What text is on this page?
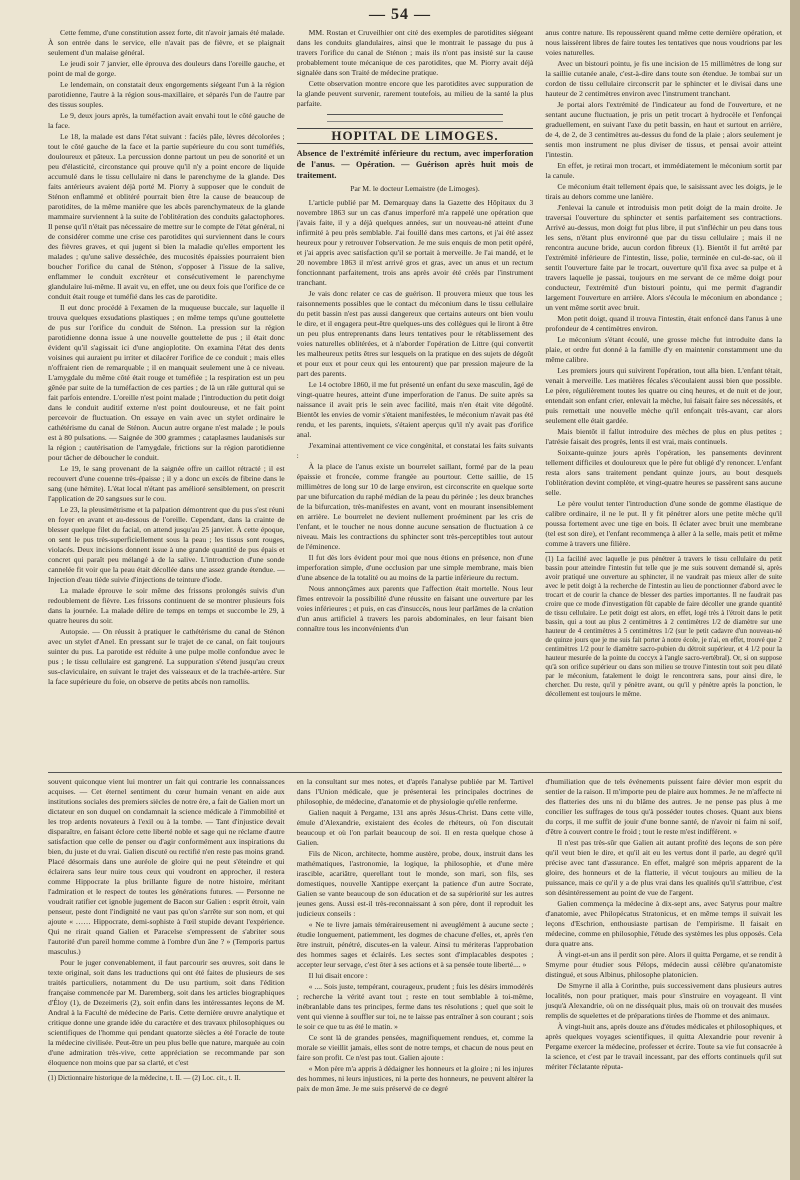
— 54 —

Cette femme, d'une constitution assez forte, dit n'avoir jamais été malade. À son entrée dans le service, elle n'avait pas de fièvre, et se plaignait seulement d'un malaise général.

Le jeudi soir 7 janvier, elle éprouva des douleurs dans l'oreille gauche, et point de mal de gorge.

Le lendemain, on constatait deux engorgements siégeant l'un à la région parotidienne, l'autre à la région sous-maxillaire, et séparés l'un de l'autre par des tissus souples.

Le 9, deux jours après, la tuméfaction avait envahi tout le côté gauche de la face.

Le 18, la malade est dans l'état suivant : faciès pâle, lèvres décolorées ; tout le côté gauche de la face et la partie supérieure du cou sont tuméfiés, douloureux et pâteux. La percussion donne partout un peu de sonorité et un peu d'élasticité, circonstance qui prouve qu'il n'y a point encore de liquide accumulé dans le tissu cellulaire ni dans le parenchyme de la glande. Des faits antérieurs avaient déjà porté M. Piorry à supposer que le conduit de Sténon enflammé et oblitéré pourrait bien être la cause de beaucoup de parotidites, de la même manière que les abcès parenchymateux de la glande mammaire surviennent à la suite de l'oblitération des conduits galactophores. Il pense qu'il n'était pas nécessaire de mettre sur le compte de l'état général, ni de considérer comme une crise ces parotidites qui surviennent dans le cours des fièvres graves, et qui jugent si bien la maladie qu'elles emportent les malades ; qu'une salive desséchée, des mucosités épaissies pourraient bien boucher l'orifice du canal de Sténon, s'opposer à l'issue de la salive, enflammer le conduit excréteur et consécutivement le parenchyme glandulaire lui-même. Il avait vu, en effet, une ou deux fois que l'orifice de ce conduit était rouge et tuméfié dans les cas de parotidite.

Il eut donc procédé à l'examen de la muqueuse buccale, sur laquelle il trouva quelques exsudations plastiques ; en même temps qu'une gouttelette de pus sur l'orifice du conduit de Sténon. La pression sur la région parotidienne donna issue à une nouvelle gouttelette de pus ; il était donc évident qu'il s'agissait ici d'une angioplotite. On examina l'état des dents voisines qui auraient pu irriter et dilacérer l'orifice de ce conduit ; mais elles n'offraient rien de remarquable ; il en manquait seulement une à ce niveau. L'amygdale du même côté était rouge et tuméfiée ; la respiration est un peu gênée par suite de la tuméfaction de ces parties ; de là un râle guttural qui se fait parfois entendre. L'oreille n'est point malade ; l'introduction du petit doigt dans le conduit auditif externe n'est point douloureuse, et ne fait point percevoir de fluctuation. On essaye en vain avec un stylet ordinaire le cathétérisme du canal de Sténon. Aucun autre organe n'est malade ; le pouls est à 80 pulsations. — Saignée de 300 grammes ; cataplasmes laudanisés sur la région ; cautérisation de l'amygdale, frictions sur la région parotidienne pour tâcher de déboucher le conduit.

Le 19, le sang provenant de la saignée offre un caillot rétracté ; il est recouvert d'une couenne très-épaisse ; il y a donc un excès de fibrine dans le sang (une hémite). L'état local n'étant pas amélioré sensiblement, on prescrit l'application de 20 sangsues sur le cou.

Le 23, la pleusimétrisme et la palpation démontrent que du pus s'est réuni en foyer en avant et au-dessous de l'oreille. Cependant, dans la crainte de blesser quelque filet du facial, on attend jusqu'au 25 janvier. À cette époque, on sent le pus très-superficiellement sous la peau ; les tissus sont rouges, violacés. Deux incisions donnent issue à une grande quantité de pus épais et concret qui paraît peu mélangé à de la salive. L'introduction d'une sonde cannelée fit voir que la peau était décollée dans une assez grande étendue. — Injection d'eau tiède suivie d'injections de teinture d'iode.

La malade éprouve le soir même des frissons prolongés suivis d'un redoublement de fièvre. Les frissons continuent de se montrer plusieurs fois dans la journée. La malade délire de temps en temps et succombe le 29, à quatre heures du soir.

Autopsie. — On réussit à pratiquer le cathétérisme du canal de Sténon avec un stylet d'Anel. En pressant sur le trajet de ce canal, on fait toujours suinter du pus. La parotide est réduite à une pulpe molle confondue avec le pus ; le tissu cellulaire est gangrené. La suppuration s'étend jusqu'au creux sus-claviculaire, en suivant le trajet des vaisseaux et de la trachée-artère. Sur la face supérieure du foie, on observe de petits abcès non ramollis.

MM. Rostan et Cruveilhier ont cité des exemples de parotidites siégeant dans les conduits glandulaires, ainsi que le montrait le passage du pus à travers l'orifice du canal de Sténon ; mais ils n'ont pas insisté sur la cause probablement toute mécanique de ces parotidites, que M. Piorry avait déjà signalée dans son Traité de médecine pratique.

Cette observation montre encore que les parotidites avec suppuration de la glande peuvent survenir, rarement toutefois, au milieu de la santé la plus parfaite.

HOPITAL DE LIMOGES.
Absence de l'extrémité inférieure du rectum, avec imperforation de l'anus. — Opération. — Guérison après huit mois de traitement.
Par M. le docteur Lemaistre (de Limoges).

L'article publié par M. Demarquay dans la Gazette des Hôpitaux du 3 novembre 1863 sur un cas d'anus imperforé m'a rappelé une opération que j'avais faite, il y a déjà quelques années, sur un nouveau-né atteint d'une infirmité à peu près semblable. J'ai fouillé dans mes cartons, et j'ai été assez heureux pour y retrouver l'observation. Je me suis enquis de mon petit opéré, et j'ai appris avec satisfaction qu'il se portait à merveille. Je l'ai mandé, et le 20 novembre 1863 il m'est arrivé gros et gras, avec un anus et un rectum fonctionnant parfaitement, trois ans après avoir été créés par l'instrument tranchant.

Je vais donc relater ce cas de guérison. Il prouvera mieux que tous les raisonnements possibles que le contact du méconium dans le tissu cellulaire du petit bassin n'est pas aussi dangereux que certains auteurs ont bien voulu le dire, et il engagera peut-être quelques-uns des collègues qui le liront à être un peu plus entreprenants dans leurs tentatives pour le rétablissement des voies naturelles oblitérées, et à n'aborder l'opération de Littre (qui convertit les malheureux petits êtres sur lesquels on la pratique en des sujets de dégoût et pour eux et pour ceux qui les entourent) que par pression majeure de la part des parents.

Le 14 octobre 1860, il me fut présenté un enfant du sexe masculin, âgé de vingt-quatre heures, atteint d'une imperforation de l'anus. De suite après sa naissance il avait pris le sein avec facilité, mais n'en était vite dégoûté. Bientôt les envies de vomir s'étaient manifestées, le méconium n'avait pas été rendu, et les parents, inquiets, s'étaient aperçus qu'il n'y avait pas d'orifice anal.

J'examinai attentivement ce vice congénital, et constatai les faits suivants :

À la place de l'anus existe un bourrelet saillant, formé par de la peau épaissie et froncée, comme frangée au pourtour. Cette saillie, de 15 millimètres de long sur 10 de large environ, est circonscrite en quelque sorte par une bifurcation du raphé médian de la peau du périnée ; les deux branches de la bifurcation, très-manifestes en avant, vont en mourant insensiblement en arrière. Le bourrelet ne devient nullement proéminent par les cris de l'enfant, et le toucher ne nous donne aucune sensation de fluctuation à ce niveau. Mais les contractions du sphincter sont très-perceptibles tout autour de l'éminence.

Il fut dès lors évident pour moi que nous étions en présence, non d'une imperforation simple, d'une occlusion par une simple membrane, mais bien d'une absence de la totalité ou au moins de la partie inférieure du rectum.

Nous annonçâmes aux parents que l'affection était mortelle. Nous leur fîmes entrevoir la possibilité d'une réussite en faisant une ouverture par les voies inférieures ; et puis, en cas d'insuccès, nous leur parlâmes de la création d'un anus artificiel à travers les parois abdominales, en leur faisant bien connaître tous les inconvénients d'un

anus contre nature. Ils repoussèrent quand même cette dernière opération, et nous laissèrent libres de faire toutes les tentatives que nous voudrions par les voies naturelles.

Avec un bistouri pointu, je fis une incision de 15 millimètres de long sur la saillie cutanée anale, c'est-à-dire dans toute son étendue. Je tombai sur un cordon de tissu cellulaire circonscrit par le sphincter et le divisai dans une hauteur de 2 centimètres environ avec l'instrument tranchant.

Je portai alors l'extrémité de l'indicateur au fond de l'ouverture, et ne sentant aucune fluctuation, je pris un petit trocart à hydrocèle et l'enfonçai graduellement, en suivant l'axe du petit bassin, en haut et surtout en arrière, de 4, de 2, de 3 centimètres au-dessus du fond de la plaie ; alors seulement je sentis mon instrument ne plus diviser de tissus, et pensai avoir atteint l'intestin.

En effet, je retirai mon trocart, et immédiatement le méconium sortit par la canule.

Ce méconium était tellement épais que, le saisissant avec les doigts, je le tirais au dehors comme une lanière.

J'enlevai la canule et introduisis mon petit doigt de la main droite. Je traversai l'ouverture du sphincter et sentis parfaitement ses contractions. Arrivé au-dessus, mon doigt fut plus libre, il put s'infléchir un peu dans tous les sens, n'étant plus environné que par du tissu cellulaire ; mais il ne rencontra aucune bride, aucun cordon fibreux (1). Bientôt il fut arrêté par l'extrémité inférieure de l'intestin, lisse, polie, terminée en cul-de-sac, où il sentit l'ouverture faite par le trocart, ouverture qu'il fixa avec sa pulpe et à travers laquelle je passai, toujours en me servant de ce même doigt pour conducteur, l'extrémité d'un bistouri pointu, qui me permit d'agrandir largement l'ouverture en arrière. Alors s'écoula le méconium en abondance ; un vent même sortit avec bruit.

Mon petit doigt, quand il trouva l'intestin, était enfoncé dans l'anus à une profondeur de 4 centimètres environ.

Le méconium s'étant écoulé, une grosse mèche fut introduite dans la plaie, et ordre fut donné à la famille d'y en maintenir constamment une du même calibre.

Les premiers jours qui suivirent l'opération, tout alla bien. L'enfant tétait, venait à merveille. Les matières fécales s'écoulaient aussi bien que possible. Le père, régulièrement toutes les quatre ou cinq heures, et de nuit et de jour, entendait son enfant crier, enlevait la mèche, lui faisait faire ses nécessités, et puis remettait une nouvelle mèche qu'il enfonçait très-avant, car alors seulement elle était gardée.

Mais bientôt il fallut introduire des mèches de plus en plus petites ; l'atrésie faisait des progrès, lents il est vrai, mais continuels.

Soixante-quinze jours après l'opération, les pansements devinrent tellement difficiles et douloureux que le père fut obligé d'y renoncer. L'enfant resta alors sans traitement pendant quinze jours, au bout desquels l'oblitération devint complète, et vingt-quatre heures se passèrent sans aucune selle.

Le père voulut tenter l'introduction d'une sonde de gomme élastique de calibre ordinaire, il ne le put. Il y fit pénétrer alors une petite mèche qu'il poussa fortement avec une tige en bois. Il éclater avec bruit une membrane (tel est son dire), et l'enfant recommença à aller à la selle, mais petit et même comme à travers une filière.

(1) La facilité avec laquelle je pus pénétrer à travers le tissu cellulaire du petit bassin pour atteindre l'intestin fut telle que je me suis souvent demandé si, après avoir pratiqué une ouverture au sphincter, il ne vaudrait pas mieux aller de suite avec le petit doigt à la recherche de l'intestin au lieu de ponctionner d'abord avec le trocart et de courir la chance de blesser des parties importantes. Il ne faudrait pas croire que ce mode d'investigation fût capable de faire décoller une grande quantité de tissu cellulaire. Le petit doigt est alors, en effet, logé très à l'étroit dans le petit bassin, qui a tout au plus 2 centimètres à 2 centimètres 1/2 de diamètre sur une hauteur de 4 centimètres à 5 centimètres 1/2 (sur le petit cadavre d'un nouveau-né de quinze jours que je me suis fait porter à notre école, je n'ai, en effet, trouvé que 2 centimètres 1/2 pour le diamètre sacro-pubien du détroit supérieur, et 4 1/2 pour la hauteur mesurée de la pointe du coccyx à l'angle sacro-vertébral). Or, si on suppose qu'à son orifice supérieur ou dans son milieu se trouve l'intestin tout soit peu dilaté par le méconium, fatalement le doigt le rencontrera sans, pour ainsi dire, le chercher. Du reste, qu'il y pénètre avant, ou qu'il y pénètre après la ponction, le décollement est toujours le même.

souvent quiconque vient lui montrer un fait qui contrarie les connaissances acquises. — Cet éternel sentiment du cœur humain venant en aide aux institutions sociales des premiers siècles de notre ère, a fait de Galien mort un dictateur en son duquel on condamnait la science médicale à l'immobilité et les trop ardents novateurs à l'exil ou à la tombe. — Tant d'injustice devait disparaître, en faisant éclore cette liberté noble et sage qui ne réclame d'autre satisfaction que celle de penser ou d'agir conformément aux inspirations du bien, du juste et du vrai. Galien discuté ou rectifié n'en reste pas moins grand. Placé désormais dans une auréole de gloire qui ne peut s'éteindre et qui éclairera sans leur nuire tous ceux qui voudront en approcher, il restera comme Hippocrate la plus brillante figure de notre histoire, méritant l'admiration et le respect de toutes les générations futures. — Personne ne voudrait ratifier cet ignoble jugement de Bacon sur Galien : esprit étroit, vain penseur, peste dont l'indignité ne vaut pas qu'on s'arrête sur son nom, et qui ajoute « …… Hippocrate, demi-sophiste à l'œil stupide devant l'expérience. Qui ne rirait quand Galien et Paracelse s'empressent de s'abriter sous l'autorité d'un pareil homme comme à l'ombre d'un âne ? » (Temporis partus masculus.)

Pour le juger convenablement, il faut parcourir ses œuvres, soit dans le texte original, soit dans les traductions qui ont été faites de plusieurs de ses traités particuliers, notamment du De usu partium, soit dans l'édition française commencée par M. Daremberg, soit dans les articles biographiques d'Éloy (1), de Dezeimeris (2), soit enfin dans les intéressantes leçons de M. Andral à la Faculté de médecine de Paris. Cette dernière œuvre analytique et critique donne une grande idée du caractère et des travaux philosophiques ou scientifiques de l'homme qui pendant quatorze siècles a été l'oracle de toute la médecine civilisée. Peut-être un peu plus belle que nature, marquée au coin d'une admiration très-vive, cette appréciation se recommande par son éloquence non moins que par sa clarté, et c'est

(1) Dictionnaire historique de la médecine, t. II. — (2) Loc. cit., t. II.

en la consultant sur mes notes, et d'après l'analyse publiée par M. Tartivel dans l'Union médicale, que je présenterai les principales doctrines de philosophie, de médecine, d'anatomie et de physiologie qu'elle renferme.

Galien naquit à Pergame, 131 ans après Jésus-Christ. Dans cette ville, émule d'Alexandrie, existaient des écoles de rhéteurs, où l'on discutait beaucoup et où l'on parlait beaucoup de soi. Il en resta quelque chose à Galien.

Fils de Nicon, architecte, homme austère, probe, doux, instruit dans les mathématiques, l'astronomie, la logique, la philosophie, et d'une mère irascible, acariâtre, querellant tout le monde, son mari, son fils, ses domestiques, nouvelle Xantippe exerçant la patience d'un autre Socrate, Galien se vante beaucoup de son éducation et de sa supériorité sur les autres jeunes gens. Aussi est-il très-reconnaissant à son père, dont il reproduit les judicieux conseils :

« Ne te livre jamais téméraireusement ni aveuglément à aucune secte ; étudie longuement, patiemment, les dogmes de chacune d'elles, et, après t'en être instruit, pénétré, discutes-en la valeur. Ainsi tu mériteras l'approbation des hommes sages et éclairés. Les sectes sont d'implacables despotes ; accepter leur servage, c'est ôter à ses actions et à sa pensée toute liberté.... »

Il lui disait encore :

« .... Sois juste, tempérant, courageux, prudent ; fuis les désirs immodérés ; recherche la vérité avant tout ; reste en tout semblable à toi-même, inébranlable dans tes principes, ferme dans tes résolutions ; quel que soit le vent qui vienne à souffler sur toi, ne te laisse pas entraîner à son courant ; sois le soir ce que tu as été le matin. »

Ce sont là de grandes pensées, magnifiquement rendues, et, comme la morale se vieillit jamais, elles sont de notre temps, et chacun de nous peut en faire son profit. Ce n'est pas tout. Galien ajoute :

« Mon père m'a appris à dédaigner les honneurs et la gloire ; ni les injures des hommes, ni leurs injustices, ni la perte des honneurs, ne peuvent altérer la paix de mon âme. Je me suis préservé de ce degré

d'humiliation que de tels événements puissent faire dévier mon esprit du sentier de la raison. Il m'importe peu de plaire aux hommes. Je ne m'affecte ni des flatteries des uns ni du blâme des autres. Je ne pense pas plus à me concilier les suffrages de tous qu'à posséder toutes choses. Quant aux biens du corps, il me suffit de jouir d'une bonne santé, de n'avoir ni faim ni soif, d'être à couvert contre le froid ; tout le reste m'est indifférent. »

Il n'est pas très-sûr que Galien ait autant profité des leçons de son père qu'il veut bien le dire, et qu'il ait eu les vertus dont il parle, au degré qu'il précise avec tant d'assurance. En effet, malgré son mépris apparent de la gloire, des honneurs et de la flatterie, il vécut toujours au milieu de la puissance, mais ce qu'il y a de plus vrai dans les qualités qu'il s'attribue, c'est son désintéressement au point de vue de l'argent.

Galien commença la médecine à dix-sept ans, avec Satyrus pour maître d'anatomie, avec Philopécatus Stratonicus, et en même temps il suivait les leçons d'Eschrion, enthousiaste partisan de l'empirisme. Il faisait en médecine, comme en philosophie, l'étude des systèmes les plus opposés. Cela dura quatre ans.

À vingt-et-un ans il perdit son père. Alors il quitta Pergame, et se rendit à Smyrne pour étudier sous Pélops, médecin aussi célèbre qu'anatomiste distingué, et sous Albinus, philosophe platonicien.

De Smyrne il alla à Corinthe, puis successivement dans plusieurs autres localités, non pour pratiquer, mais pour s'instruire en voyageant. Il vint jusqu'à Alexandrie, où on ne disséquait plus, mais où on trouvait des musées remplis de squelettes et de préparations tirées de l'homme et des animaux.

À vingt-huit ans, après douze ans d'études médicales et philosophiques, et après quelques voyages scientifiques, il quitta Alexandrie pour revenir à Pergame exercer la médecine, professer et écrire. Toute sa vie fut consacrée à la science, et c'est par le travail incessant, par des efforts continuels qu'il sut mériter l'éclatante réputa-
